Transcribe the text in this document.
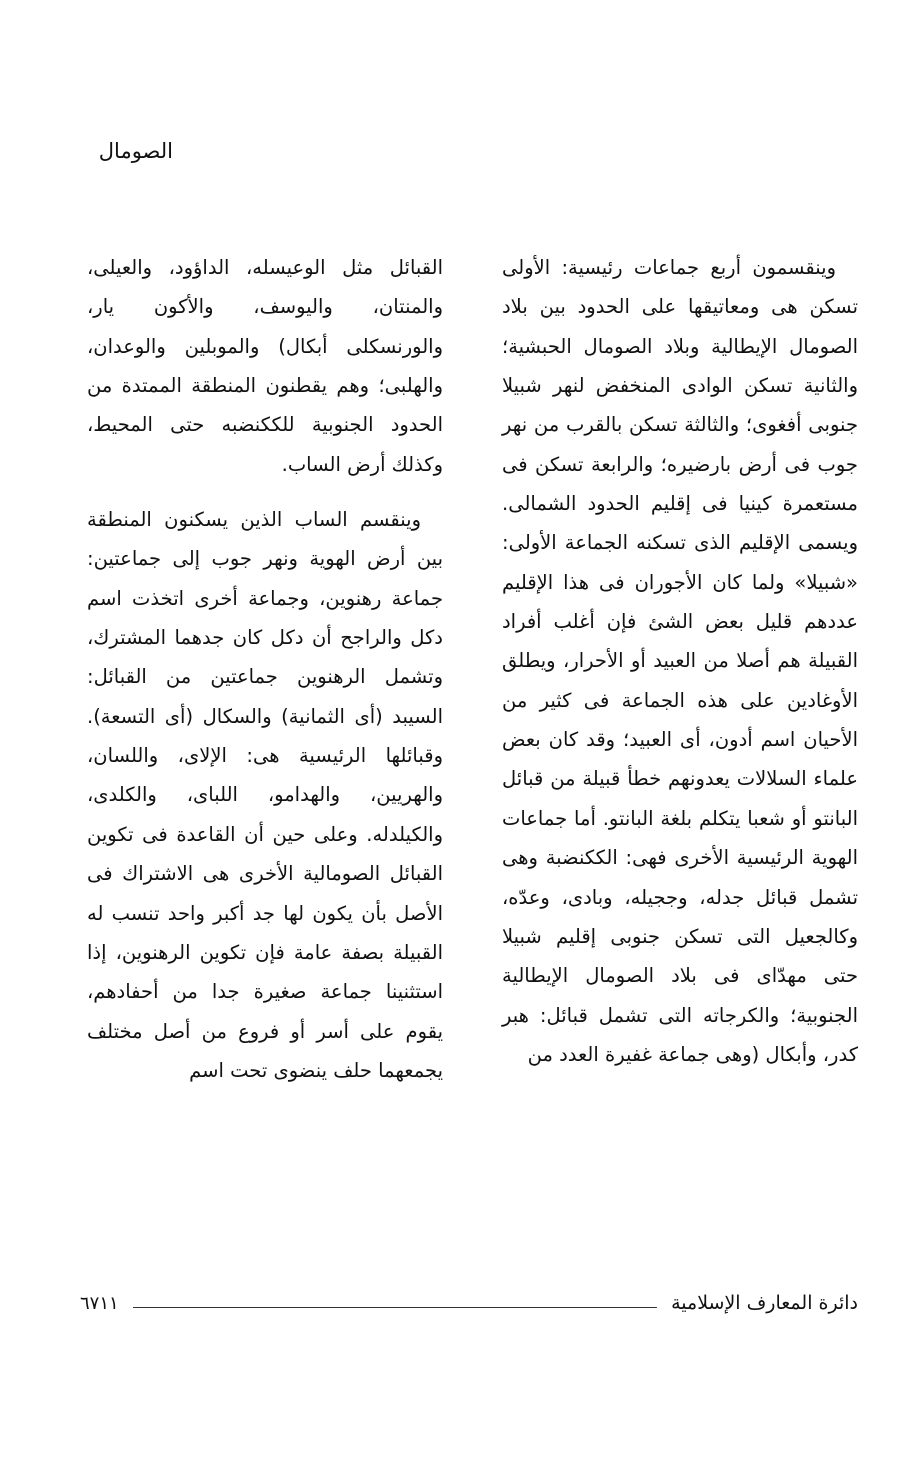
الصومال

وينقسمون أربع جماعات رئيسية: الأولى تسكن هى ومعاتيقها على الحدود بين بلاد الصومال الإيطالية وبلاد الصومال الحبشية؛ والثانية تسكن الوادى المنخفض لنهر شبيلا جنوبى أفغوى؛ والثالثة تسكن بالقرب من نهر جوب فى أرض بارضيره؛ والرابعة تسكن فى مستعمرة كينيا فى إقليم الحدود الشمالى. ويسمى الإقليم الذى تسكنه الجماعة الأولى: «شبيلا» ولما كان الأجوران فى هذا الإقليم عددهم قليل بعض الشئ فإن أغلب أفراد القبيلة هم أصلا من العبيد أو الأحرار، ويطلق الأوغادين على هذه الجماعة فى كثير من الأحيان اسم أدون، أى العبيد؛ وقد كان بعض علماء السلالات يعدونهم خطأ قبيلة من قبائل البانتو أو شعبا يتكلم بلغة البانتو. أما جماعات الهوية الرئيسية الأخرى فهى: الككنضبة وهى تشمل قبائل جدله، وججيله، وبادى، وعدّه، وكالجعيل التى تسكن جنوبى إقليم شبيلا حتى مهدّاى فى بلاد الصومال الإيطالية الجنوبية؛ والكرجاته التى تشمل قبائل: هبر كدر، وأبكال (وهى جماعة غفيرة العدد من

القبائل مثل الوعيسله، الداؤود، والعيلى، والمنتان، واليوسف، والأكون يار، والورنسكلى أبكال) والموبلين والوعدان، والهلبى؛ وهم يقطنون المنطقة الممتدة من الحدود الجنوبية للككنضبه حتى المحيط، وكذلك أرض الساب.

وينقسم الساب الذين يسكنون المنطقة بين أرض الهوية ونهر جوب إلى جماعتين: جماعة رهنوين، وجماعة أخرى اتخذت اسم دكل والراجح أن دكل كان جدهما المشترك، وتشمل الرهنوين جماعتين من القبائل: السيبد (أى الثمانية) والسكال (أى التسعة). وقبائلها الرئيسية هى: الإلاى، واللسان، والهريين، والهدامو، اللباى، والكلدى، والكيلدله. وعلى حين أن القاعدة فى تكوين القبائل الصومالية الأخرى هى الاشتراك فى الأصل بأن يكون لها جد أكبر واحد تنسب له القبيلة بصفة عامة فإن تكوين الرهنوين، إذا استثنينا جماعة صغيرة جدا من أحفادهم، يقوم على أسر أو فروع من أصل مختلف يجمعهما حلف ينضوى تحت اسم

دائرة المعارف الإسلامية
٦٧١١
